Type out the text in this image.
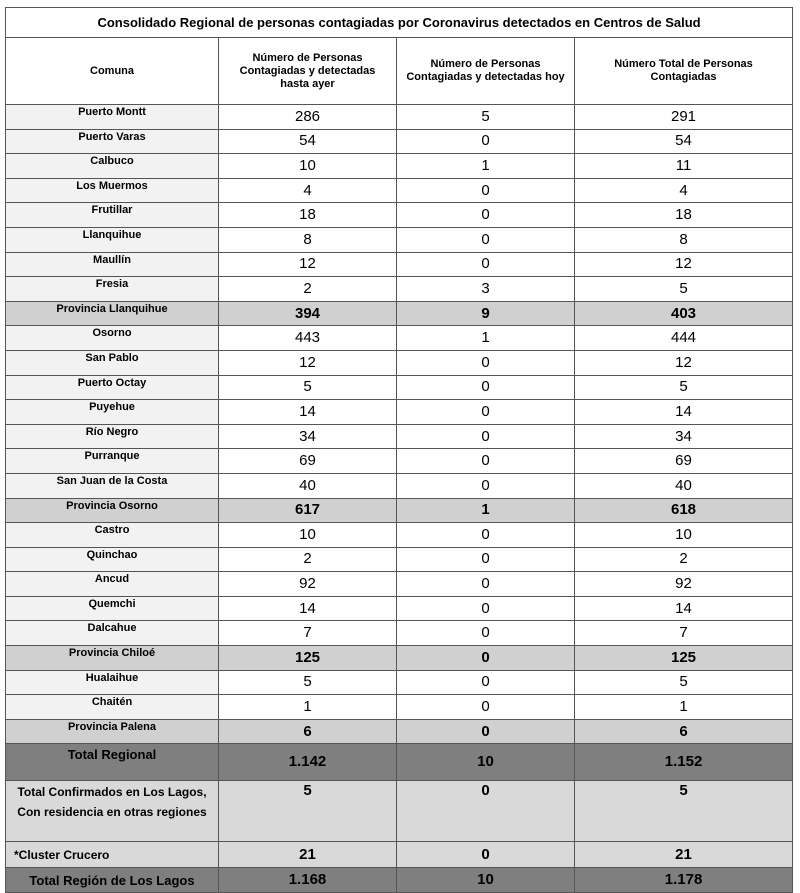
Consolidado Regional de personas contagiadas por Coronavirus detectados en Centros de Salud			
Comuna	Número de Personas Contagiadas y detectadas hasta ayer	Número de Personas Contagiadas y detectadas hoy	Número Total de Personas Contagiadas
Puerto Montt	286	5	291
Puerto Varas	54	0	54
Calbuco	10	1	11
Los Muermos	4	0	4
Frutillar	18	0	18
Llanquihue	8	0	8
Maullín	12	0	12
Fresia	2	3	5
Provincia Llanquihue	394	9	403
Osorno	443	1	444
San Pablo	12	0	12
Puerto Octay	5	0	5
Puyehue	14	0	14
Río Negro	34	0	34
Purranque	69	0	69
San Juan de la Costa	40	0	40
Provincia Osorno	617	1	618
Castro	10	0	10
Quinchao	2	0	2
Ancud	92	0	92
Quemchi	14	0	14
Dalcahue	7	0	7
Provincia Chiloé	125	0	125
Hualaihue	5	0	5
Chaitén	1	0	1
Provincia Palena	6	0	6
Total Regional	1.142	10	1.152
Total Confirmados en Los Lagos, Con residencia en otras regiones	5	0	5
*Cluster Crucero	21	0	21
Total Región de Los Lagos	1.168	10	1.178
